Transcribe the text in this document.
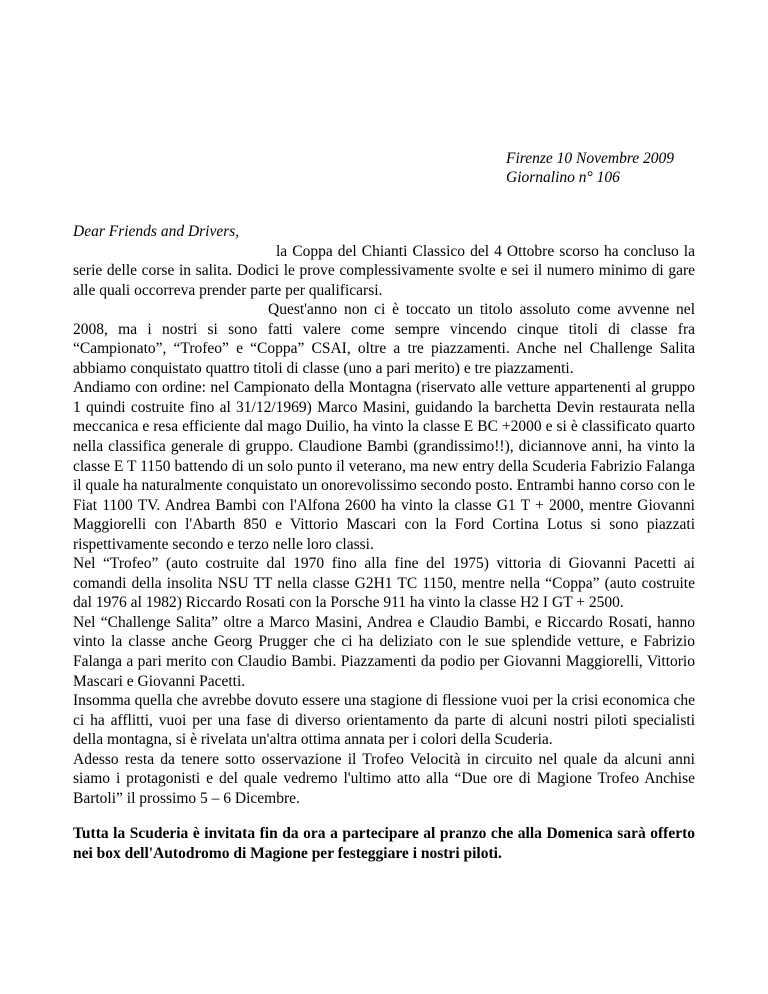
Firenze 10 Novembre 2009
Giornalino n° 106
Dear Friends and Drivers,

la Coppa del Chianti Classico del 4 Ottobre scorso ha concluso la serie delle corse in salita. Dodici le prove complessivamente svolte e sei il numero minimo di gare alle quali occorreva prender parte per qualificarsi.

Quest'anno non ci è toccato un titolo assoluto come avvenne nel 2008, ma i nostri si sono fatti valere come sempre vincendo cinque titoli di classe fra “Campionato”, “Trofeo” e “Coppa” CSAI, oltre a tre piazzamenti. Anche nel Challenge Salita abbiamo conquistato quattro titoli di classe (uno a pari merito) e tre piazzamenti.

Andiamo con ordine: nel Campionato della Montagna (riservato alle vetture appartenenti al gruppo 1 quindi costruite fino al 31/12/1969) Marco Masini, guidando la barchetta Devin restaurata nella meccanica e resa efficiente dal mago Duilio, ha vinto la classe E BC +2000 e si è classificato quarto nella classifica generale di gruppo. Claudione Bambi (grandissimo!!), diciannove anni, ha vinto la classe E T 1150 battendo di un solo punto il veterano, ma new entry della Scuderia Fabrizio Falanga il quale ha naturalmente conquistato un onorevolissimo secondo posto. Entrambi hanno corso con le Fiat 1100 TV. Andrea Bambi con l'Alfona 2600 ha vinto la classe G1 T + 2000, mentre Giovanni Maggiorelli con l'Abarth 850 e Vittorio Mascari con la Ford Cortina Lotus si sono piazzati rispettivamente secondo e terzo nelle loro classi.

Nel “Trofeo” (auto costruite dal 1970 fino alla fine del 1975) vittoria di Giovanni Pacetti ai comandi della insolita NSU TT nella classe G2H1 TC 1150, mentre nella “Coppa” (auto costruite dal 1976 al 1982) Riccardo Rosati con la Porsche 911 ha vinto la classe H2 I GT + 2500.

Nel “Challenge Salita” oltre a Marco Masini, Andrea e Claudio Bambi, e Riccardo Rosati, hanno vinto la classe anche Georg Prugger che ci ha deliziato con le sue splendide vetture, e Fabrizio Falanga a pari merito con Claudio Bambi. Piazzamenti da podio per Giovanni Maggiorelli, Vittorio Mascari e Giovanni Pacetti.

Insomma quella che avrebbe dovuto essere una stagione di flessione vuoi per la crisi economica che ci ha afflitti, vuoi per una fase di diverso orientamento da parte di alcuni nostri piloti specialisti della montagna, si è rivelata un'altra ottima annata per i colori della Scuderia.

Adesso resta da tenere sotto osservazione il Trofeo Velocità in circuito nel quale da alcuni anni siamo i protagonisti e del quale vedremo l'ultimo atto alla “Due ore di Magione Trofeo Anchise Bartoli” il prossimo 5 – 6 Dicembre.

Tutta la Scuderia è invitata fin da ora a partecipare al pranzo che alla Domenica sarà offerto nei box dell'Autodromo di Magione per festeggiare i nostri piloti.
